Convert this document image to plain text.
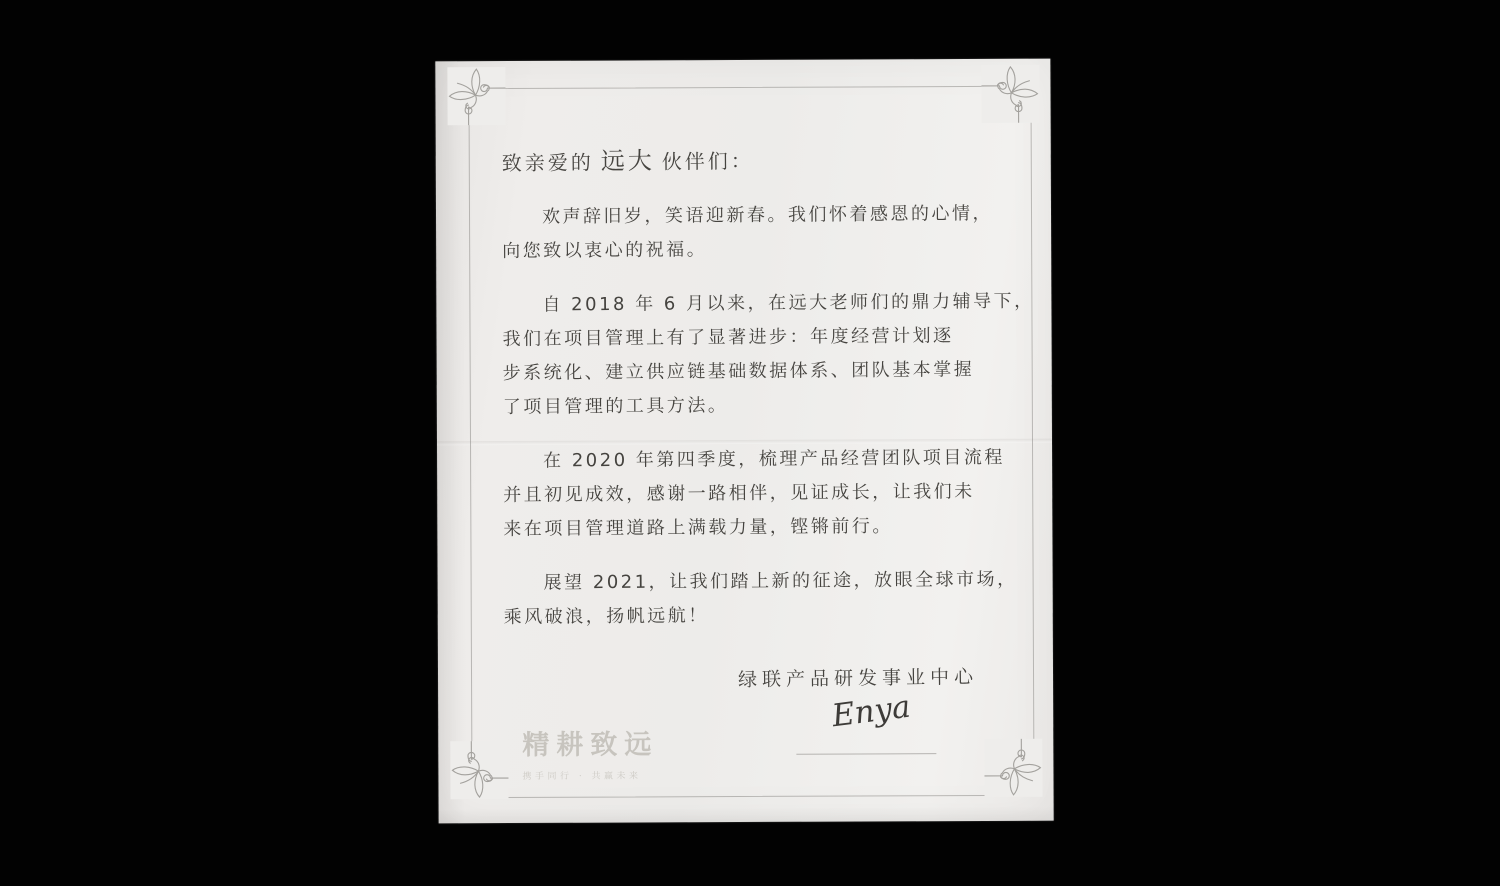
致亲爱的 远大 伙伴们：
欢声辞旧岁，笑语迎新春。我们怀着感恩的心情，
向您致以衷心的祝福。
自 2018 年 6 月以来，在远大老师们的鼎力辅导下，
我们在项目管理上有了显著进步：年度经营计划逐
步系统化、建立供应链基础数据体系、团队基本掌握
了项目管理的工具方法。
在 2020 年第四季度，梳理产品经营团队项目流程
并且初见成效，感谢一路相伴，见证成长，让我们未
来在项目管理道路上满载力量，铿锵前行。
展望 2021，让我们踏上新的征途，放眼全球市场，
乘风破浪，扬帆远航！
绿联产品研发事业中心
Enya
精耕致远
携手同行 · 共赢未来
